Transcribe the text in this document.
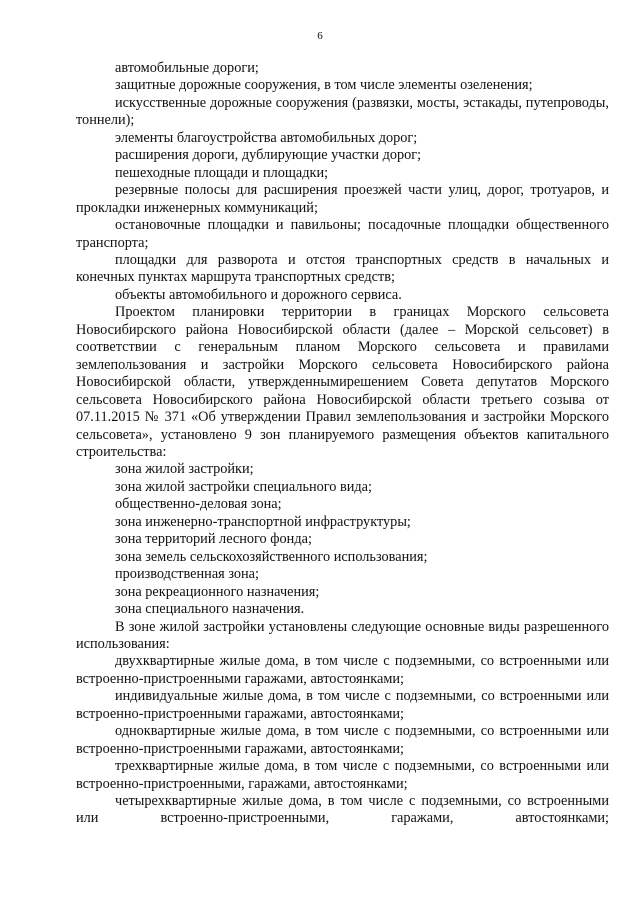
6
автомобильные дороги;
защитные дорожные сооружения, в том числе элементы озеленения;
искусственные дорожные сооружения (развязки, мосты, эстакады, путепроводы, тоннели);
элементы благоустройства автомобильных дорог;
расширения дороги, дублирующие участки дорог;
пешеходные площади и площадки;
резервные полосы для расширения проезжей части улиц, дорог, тротуаров, и прокладки инженерных коммуникаций;
остановочные площадки и павильоны; посадочные площадки общественного транспорта;
площадки для разворота и отстоя транспортных средств в начальных и конечных пунктах маршрута транспортных средств;
объекты автомобильного и дорожного сервиса.
Проектом планировки территории в границах Морского сельсовета Новосибирского района Новосибирской области (далее – Морской сельсовет) в соответствии с генеральным планом Морского сельсовета и правилами землепользования и застройки Морского сельсовета Новосибирского района Новосибирской области, утвержденнымирешением Совета депутатов Морского сельсовета Новосибирского района Новосибирской области третьего созыва от 07.11.2015 № 371 «Об утверждении Правил землепользования и застройки Морского сельсовета», установлено 9 зон планируемого размещения объектов капитального строительства:
зона жилой застройки;
зона жилой застройки специального вида;
общественно-деловая зона;
зона инженерно-транспортной инфраструктуры;
зона территорий лесного фонда;
зона земель сельскохозяйственного использования;
производственная зона;
зона рекреационного назначения;
зона специального назначения.
В зоне жилой застройки установлены следующие основные виды разрешенного использования:
двухквартирные жилые дома, в том числе с подземными, со встроенными или встроенно-пристроенными гаражами, автостоянками;
индивидуальные жилые дома, в том числе с подземными, со встроенными или встроенно-пристроенными гаражами, автостоянками;
одноквартирные жилые дома, в том числе с подземными, со встроенными или встроенно-пристроенными гаражами, автостоянками;
трехквартирные жилые дома, в том числе с подземными, со встроенными или встроенно-пристроенными, гаражами, автостоянками;
четырехквартирные жилые дома, в том числе с подземными, со встроенными или встроенно-пристроенными, гаражами, автостоянками;
